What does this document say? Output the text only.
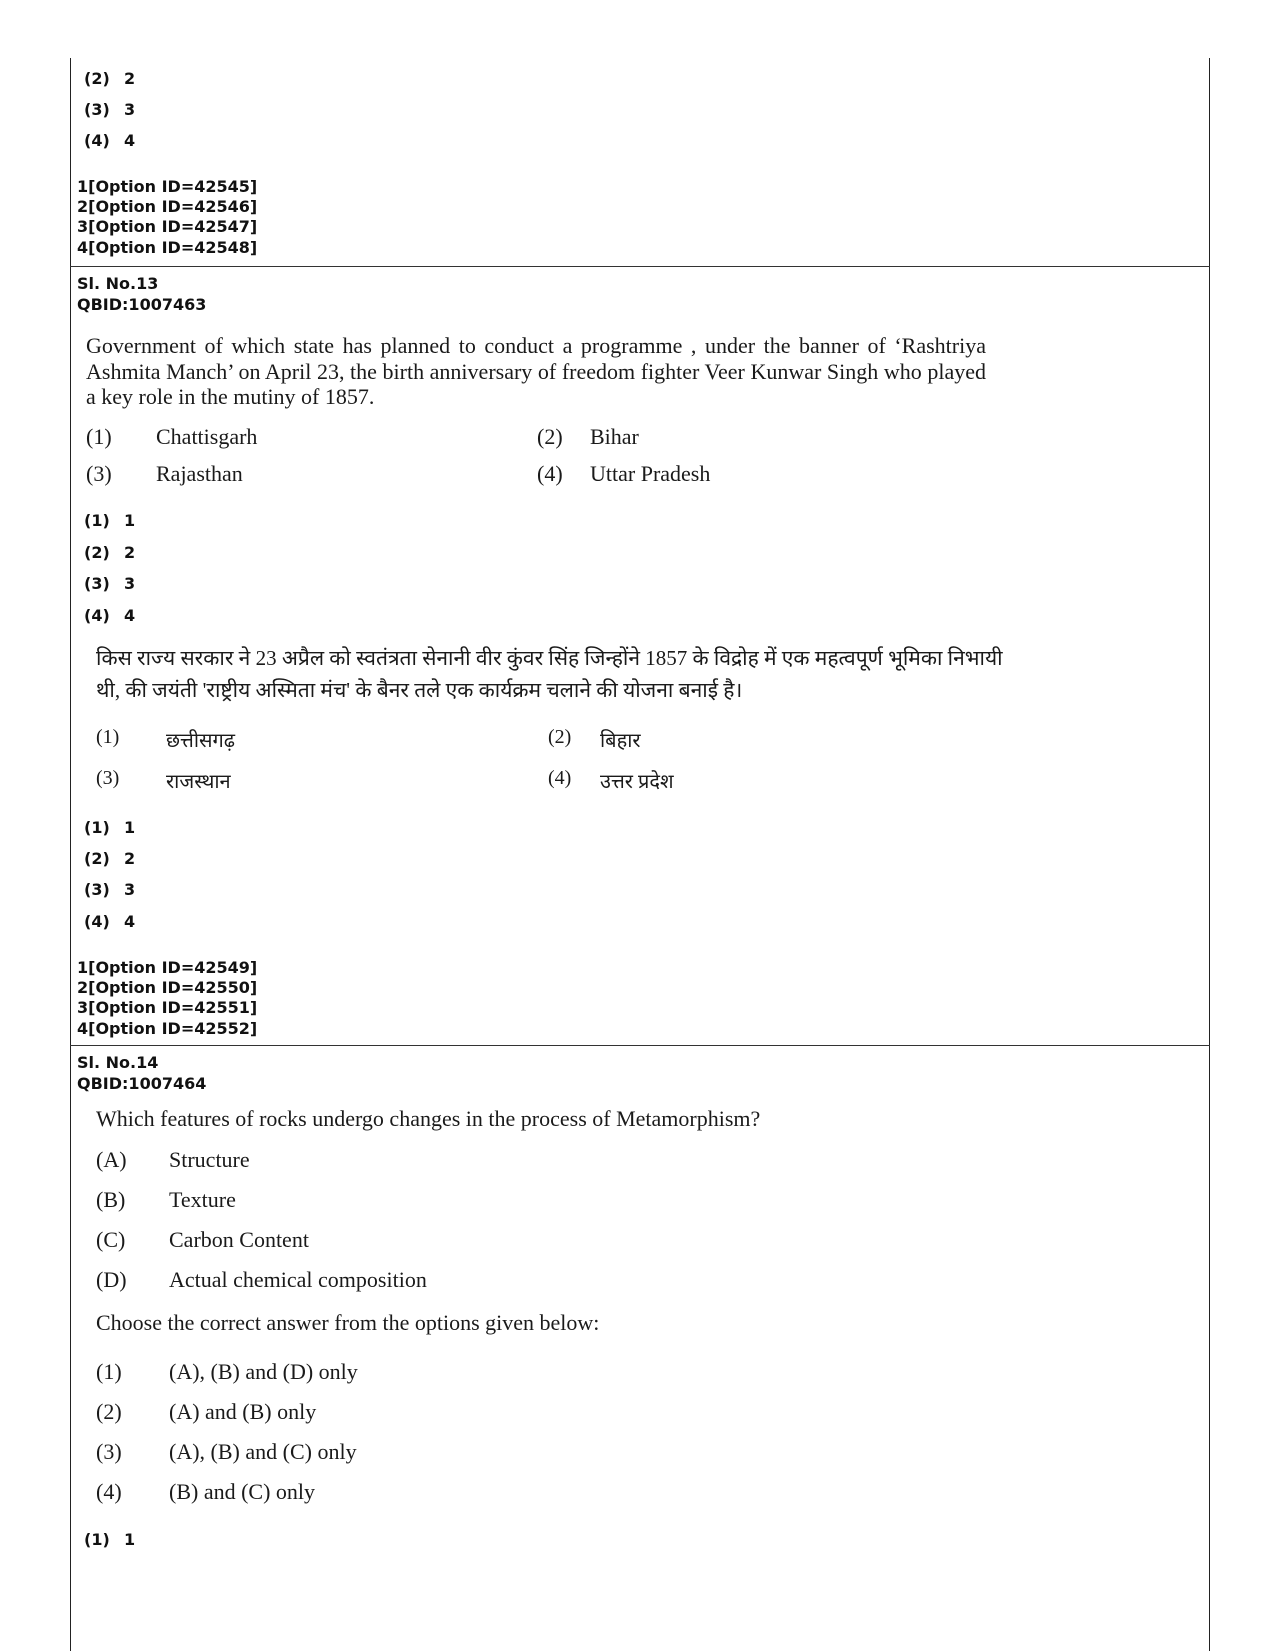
(2) 2
(3) 3
(4) 4
1[Option ID=42545]
2[Option ID=42546]
3[Option ID=42547]
4[Option ID=42548]
Sl. No.13
QBID:1007463
Government of which state has planned to conduct a programme , under the banner of ‘Rashtriya Ashmita Manch’ on April 23, the birth anniversary of freedom fighter Veer Kunwar Singh who played a key role in the mutiny of 1857.
(1) Chattisgarh	(2) Bihar
(3) Rajasthan	(4) Uttar Pradesh
(1) 1
(2) 2
(3) 3
(4) 4
किस राज्य सरकार ने 23 अप्रैल को स्वतंत्रता सेनानी वीर कुंवर सिंह जिन्होंने 1857 के विद्रोह में एक महत्वपूर्ण भूमिका निभायी थी, की जयंती 'राष्ट्रीय अस्मिता मंच' के बैनर तले एक कार्यक्रम चलाने की योजना बनाई है।
(1) छत्तीसगढ़	(2) बिहार
(3) राजस्थान	(4) उत्तर प्रदेश
(1) 1
(2) 2
(3) 3
(4) 4
1[Option ID=42549]
2[Option ID=42550]
3[Option ID=42551]
4[Option ID=42552]
Sl. No.14
QBID:1007464
Which features of rocks undergo changes in the process of Metamorphism?
(A) Structure
(B) Texture
(C) Carbon Content
(D) Actual chemical composition
Choose the correct answer from the options given below:
(1) (A), (B) and (D) only
(2) (A) and (B) only
(3) (A), (B) and (C) only
(4) (B) and (C) only
(1) 1
